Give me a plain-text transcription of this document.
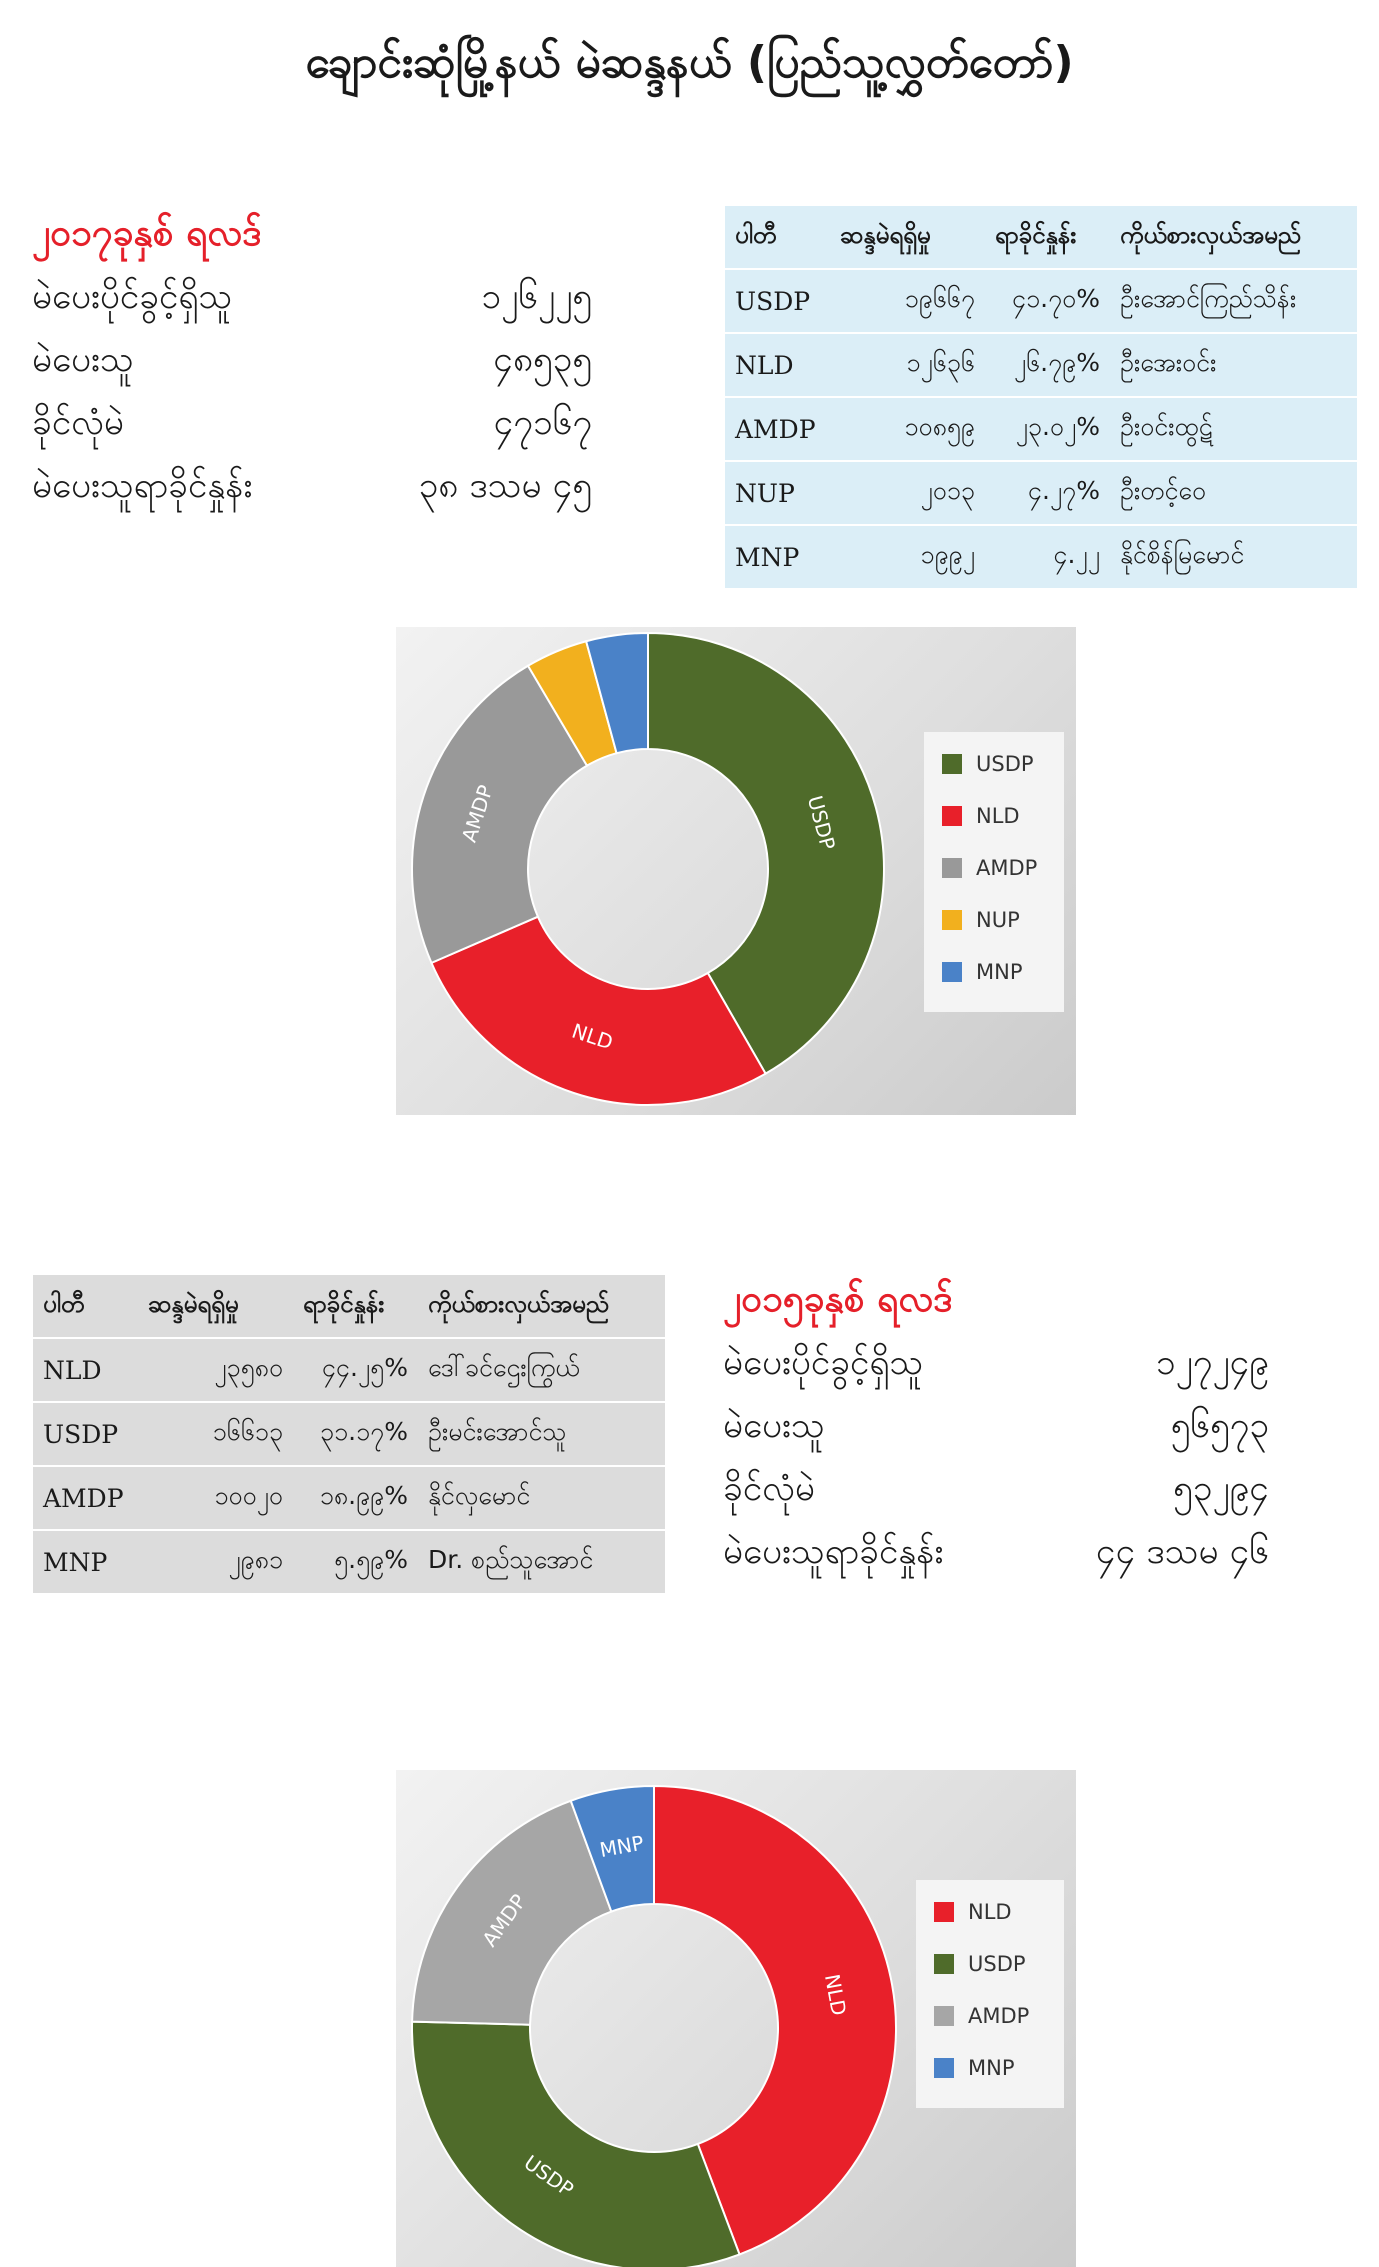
ချောင်းဆုံမြို့နယ် မဲဆန္ဒနယ် (ပြည်သူ့လွှတ်တော်)
၂၀၁၇ခုနှစ် ရလဒ်
မဲပေးပိုင်ခွင့်ရှိသူ	၁၂၆၂၂၅
မဲပေးသူ	၄၈၅၃၅
ခိုင်လုံမဲ	၄၇၁၆၇
မဲပေးသူရာခိုင်နှုန်း	၃၈ ဒသမ ၄၅
ပါတီ	ဆန္ဒမဲရရှိမှု	ရာခိုင်နှုန်း	ကိုယ်စားလှယ်အမည်
USDP	၁၉၆၆၇	၄၁.၇၀%	ဦးအောင်ကြည်သိန်း
NLD	၁၂၆၃၆	၂၆.၇၉%	ဦးအေးဝင်း
AMDP	၁၀၈၅၉	၂၃.၀၂%	ဦးဝင်းထွဋ်
NUP	၂၀၁၃	၄.၂၇%	ဦးတင့်ဝေ
MNP	၁၉၉၂	၄.၂၂	နိုင်စိန်မြမောင်
USDP
NLD
AMDP
USDP
NLD
AMDP
NUP
MNP
ပါတီ	ဆန္ဒမဲရရှိမှု	ရာခိုင်နှုန်း	ကိုယ်စားလှယ်အမည်
NLD	၂၃၅၈၀	၄၄.၂၅%	ဒေါ်ခင်ဌေးကြွယ်
USDP	၁၆၆၁၃	၃၁.၁၇%	ဦးမင်းအောင်သူ
AMDP	၁၀၀၂၀	၁၈.၉၉%	နိုင်လှမောင်
MNP	၂၉၈၁	၅.၅၉%	Dr. စည်သူအောင်
၂၀၁၅ခုနှစ် ရလဒ်
မဲပေးပိုင်ခွင့်ရှိသူ	၁၂၇၂၄၉
မဲပေးသူ	၅၆၅၇၃
ခိုင်လုံမဲ	၅၃၂၉၄
မဲပေးသူရာခိုင်နှုန်း	၄၄ ဒသမ ၄၆
NLD
USDP
AMDP
MNP
NLD
USDP
AMDP
MNP
